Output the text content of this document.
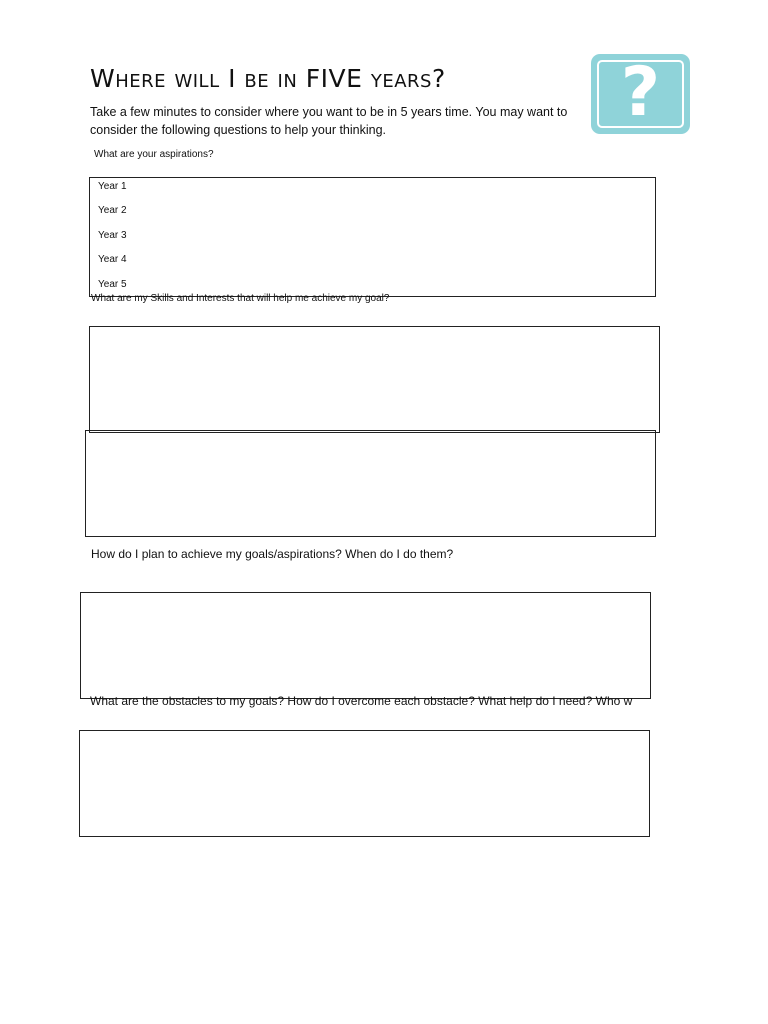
Where will I be in FIVE years?

Take a few minutes to consider where you want to be in 5 years time. You may want to consider the following questions to help your thinking.	?

What are your aspirations?

Year 1
Year 2
Year 3
Year 4
Year 5

What are my Skills and Interests that will help me achieve my goal?

How do I plan to achieve my goals/aspirations? When do I do them?

What are the obstacles to my goals? How do I overcome each obstacle? What help do I need? Who w
